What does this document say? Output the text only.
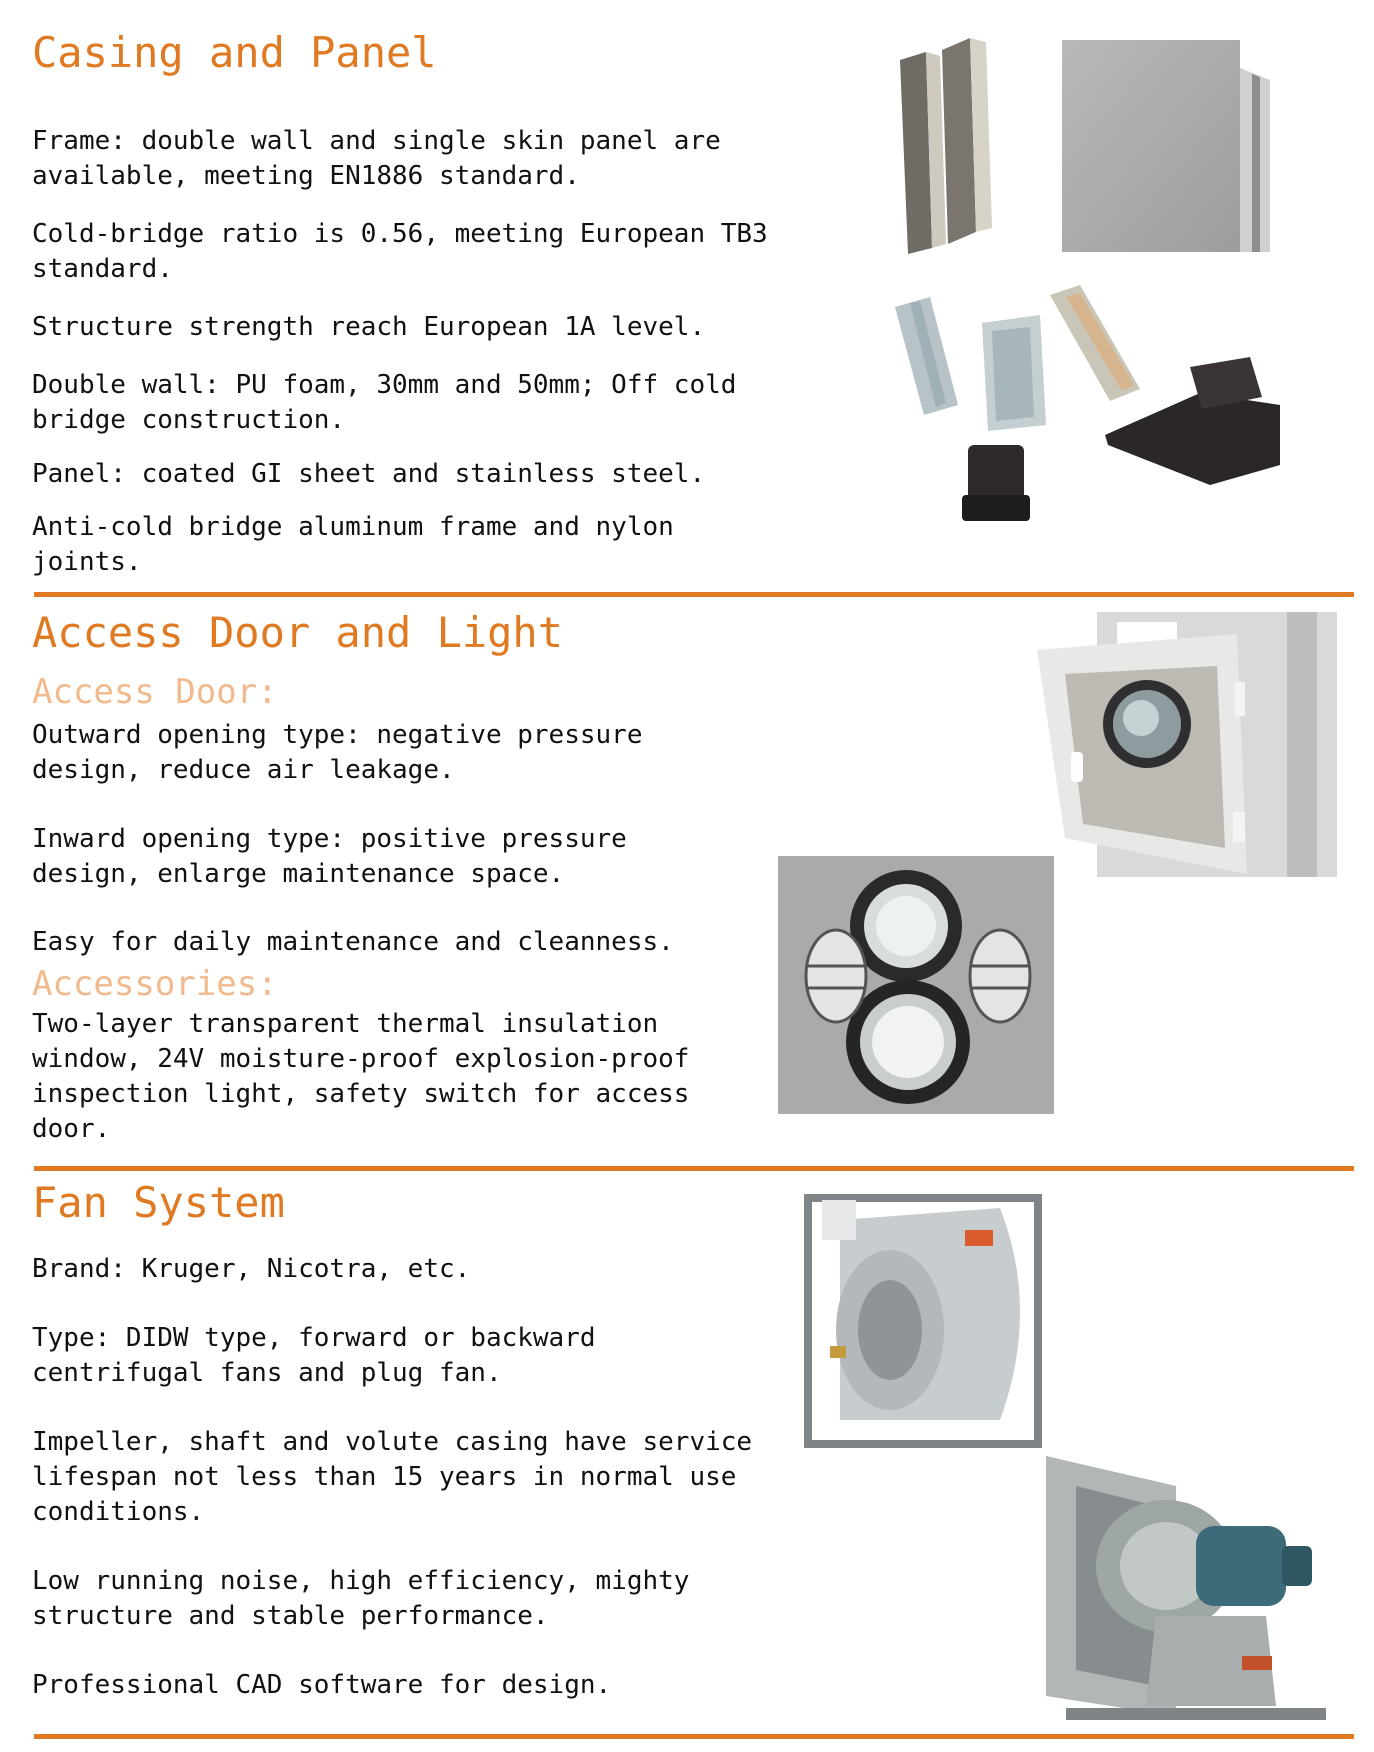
Casing and Panel

Frame: double wall and single skin panel are available, meeting EN1886 standard.

Cold-bridge ratio is 0.56, meeting European TB3 standard.

Structure strength reach European 1A level.

Double wall: PU foam, 30mm and 50mm; Off cold bridge construction.

Panel: coated GI sheet and stainless steel.

Anti-cold bridge aluminum frame and nylon joints.

Access Door and Light
Access Door:

Outward opening type: negative pressure design, reduce air leakage.

Inward opening type: positive pressure design, enlarge maintenance space.

Easy for daily maintenance and cleanness.

Accessories:

Two-layer transparent thermal insulation window, 24V moisture-proof explosion-proof inspection light, safety switch for access door.

Fan System

Brand: Kruger, Nicotra, etc.

Type: DIDW type, forward or backward centrifugal fans and plug fan.

Impeller, shaft and volute casing have service lifespan not less than 15 years in normal use conditions.

Low running noise, high efficiency, mighty structure and stable performance.

Professional CAD software for design.
